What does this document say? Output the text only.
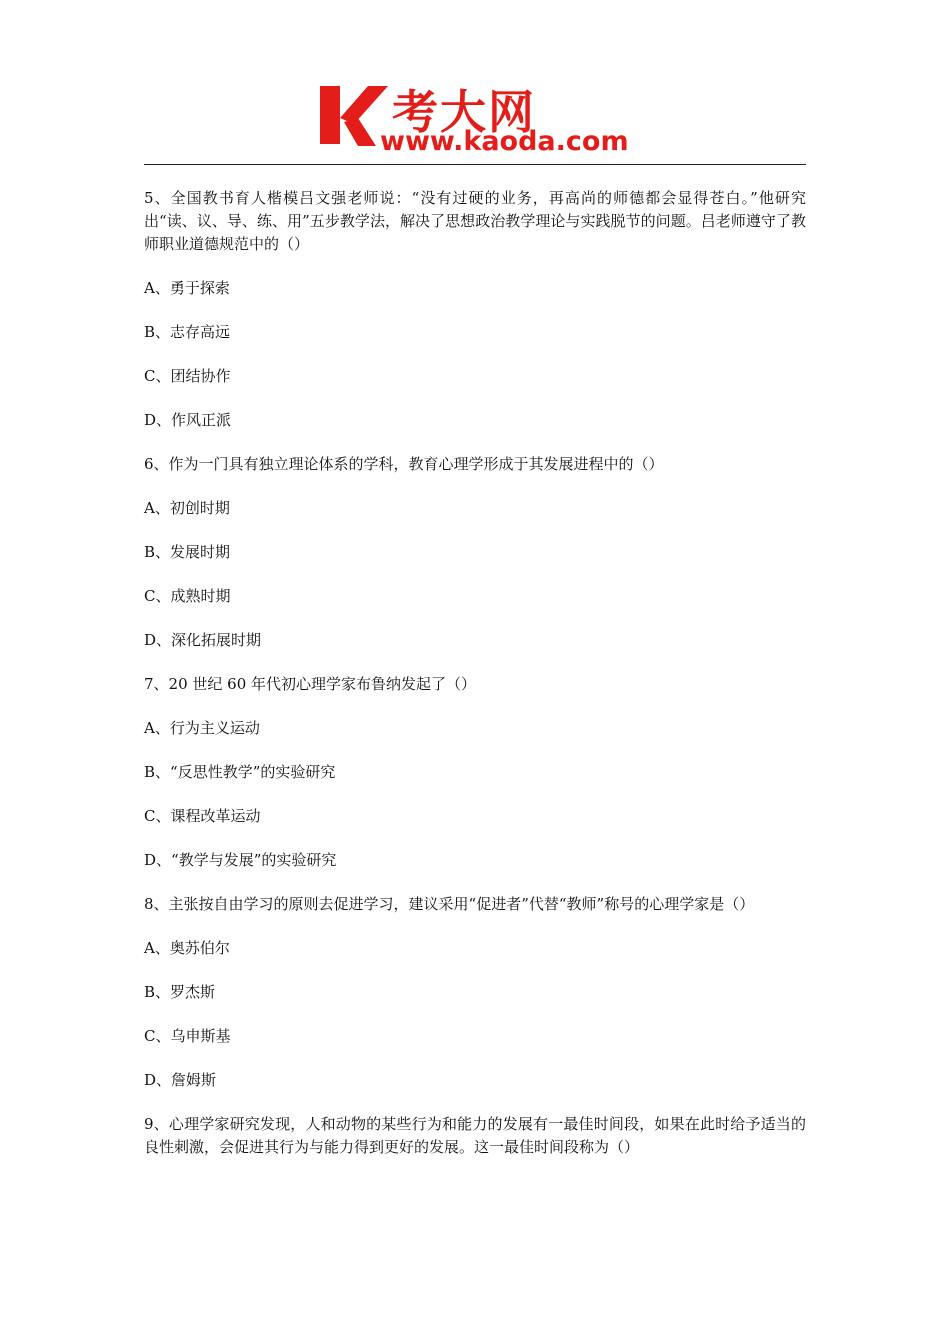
考大网
www.kaoda.com

5、全国教书育人楷模吕文强老师说：“没有过硬的业务，再高尚的师德都会显得苍白。”他研究出“读、议、导、练、用”五步教学法，解决了思想政治教学理论与实践脱节的问题。吕老师遵守了教师职业道德规范中的（）

A、勇于探索

B、志存高远

C、团结协作

D、作风正派

6、作为一门具有独立理论体系的学科，教育心理学形成于其发展进程中的（）

A、初创时期

B、发展时期

C、成熟时期

D、深化拓展时期

7、20 世纪 60 年代初心理学家布鲁纳发起了（）

A、行为主义运动

B、“反思性教学”的实验研究

C、课程改革运动

D、“教学与发展”的实验研究

8、主张按自由学习的原则去促进学习，建议采用“促进者”代替“教师”称号的心理学家是（）

A、奥苏伯尔

B、罗杰斯

C、乌申斯基

D、詹姆斯

9、心理学家研究发现，人和动物的某些行为和能力的发展有一最佳时间段，如果在此时给予适当的良性刺激，会促进其行为与能力得到更好的发展。这一最佳时间段称为（）
